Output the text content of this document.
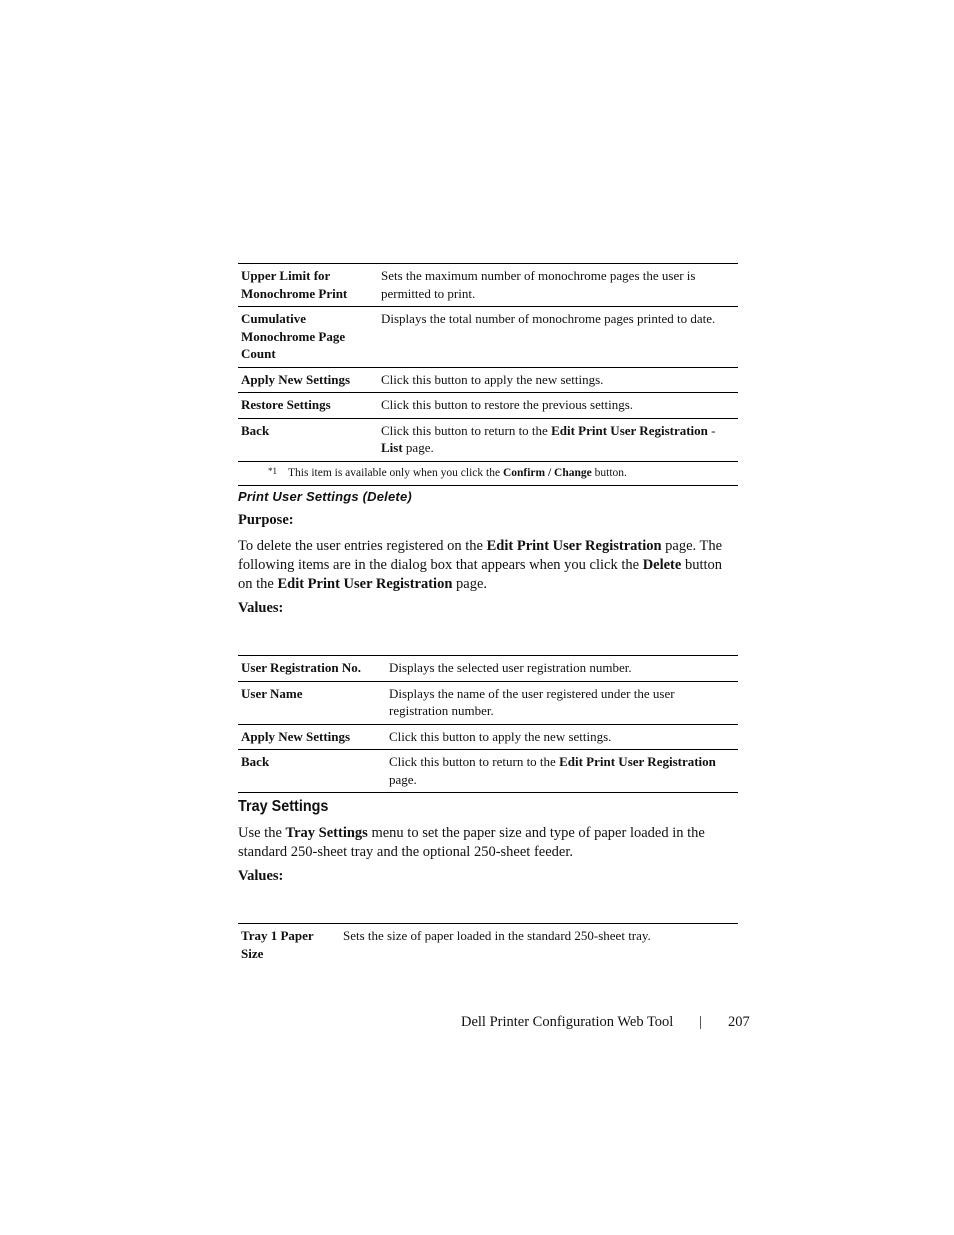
Upper Limit for Monochrome Print	Sets the maximum number of monochrome pages the user is permitted to print.
Cumulative Monochrome Page Count	Displays the total number of monochrome pages printed to date.
Apply New Settings	Click this button to apply the new settings.
Restore Settings	Click this button to restore the previous settings.
Back	Click this button to return to the Edit Print User Registration - List page.
*1 This item is available only when you click the Confirm / Change button.
Print User Settings (Delete)
Purpose:
To delete the user entries registered on the Edit Print User Registration page. The following items are in the dialog box that appears when you click the Delete button on the Edit Print User Registration page.
Values:
User Registration No.	Displays the selected user registration number.
User Name	Displays the name of the user registered under the user registration number.
Apply New Settings	Click this button to apply the new settings.
Back	Click this button to return to the Edit Print User Registration page.
Tray Settings
Use the Tray Settings menu to set the paper size and type of paper loaded in the standard 250-sheet tray and the optional 250-sheet feeder.
Values:
Tray 1 Paper Size	Sets the size of paper loaded in the standard 250-sheet tray.
Dell Printer Configuration Web Tool | 207
